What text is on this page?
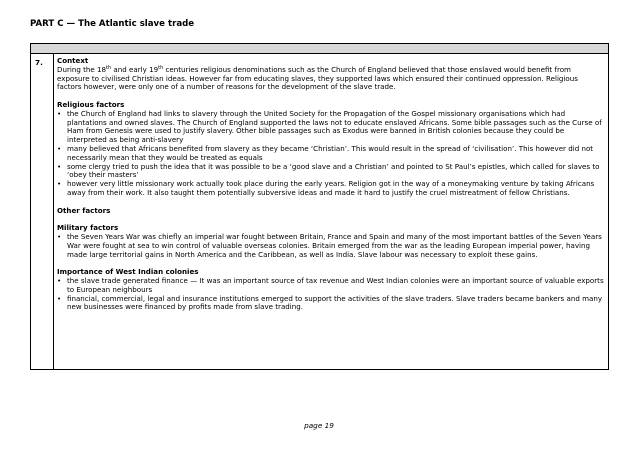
PART C — The Atlantic slave trade
7. Context

During the 18th and early 19th centuries religious denominations such as the Church of England believed that those enslaved would benefit from exposure to civilised Christian ideas. However far from educating slaves, they supported laws which ensured their continued oppression. Religious factors however, were only one of a number of reasons for the development of the slave trade.

Religious factors

• the Church of England had links to slavery through the United Society for the Propagation of the Gospel missionary organisations which had plantations and owned slaves. The Church of England supported the laws not to educate enslaved Africans. Some bible passages such as the Curse of Ham from Genesis were used to justify slavery. Other bible passages such as Exodus were banned in British colonies because they could be interpreted as being anti-slavery
• many believed that Africans benefited from slavery as they became ‘Christian’. This would result in the spread of ‘civilisation’. This however did not necessarily mean that they would be treated as equals
• some clergy tried to push the idea that it was possible to be a ‘good slave and a Christian’ and pointed to St Paul’s epistles, which called for slaves to ‘obey their masters’
• however very little missionary work actually took place during the early years. Religion got in the way of a moneymaking venture by taking Africans away from their work. It also taught them potentially subversive ideas and made it hard to justify the cruel mistreatment of fellow Christians.

Other factors

Military factors

• the Seven Years War was chiefly an imperial war fought between Britain, France and Spain and many of the most important battles of the Seven Years War were fought at sea to win control of valuable overseas colonies. Britain emerged from the war as the leading European imperial power, having made large territorial gains in North America and the Caribbean, as well as India. Slave labour was necessary to exploit these gains.

Importance of West Indian colonies

• the slave trade generated finance — It was an important source of tax revenue and West Indian colonies were an important source of valuable exports to European neighbours
• financial, commercial, legal and insurance institutions emerged to support the activities of the slave traders. Slave traders became bankers and many new businesses were financed by profits made from slave trading.
page 19
